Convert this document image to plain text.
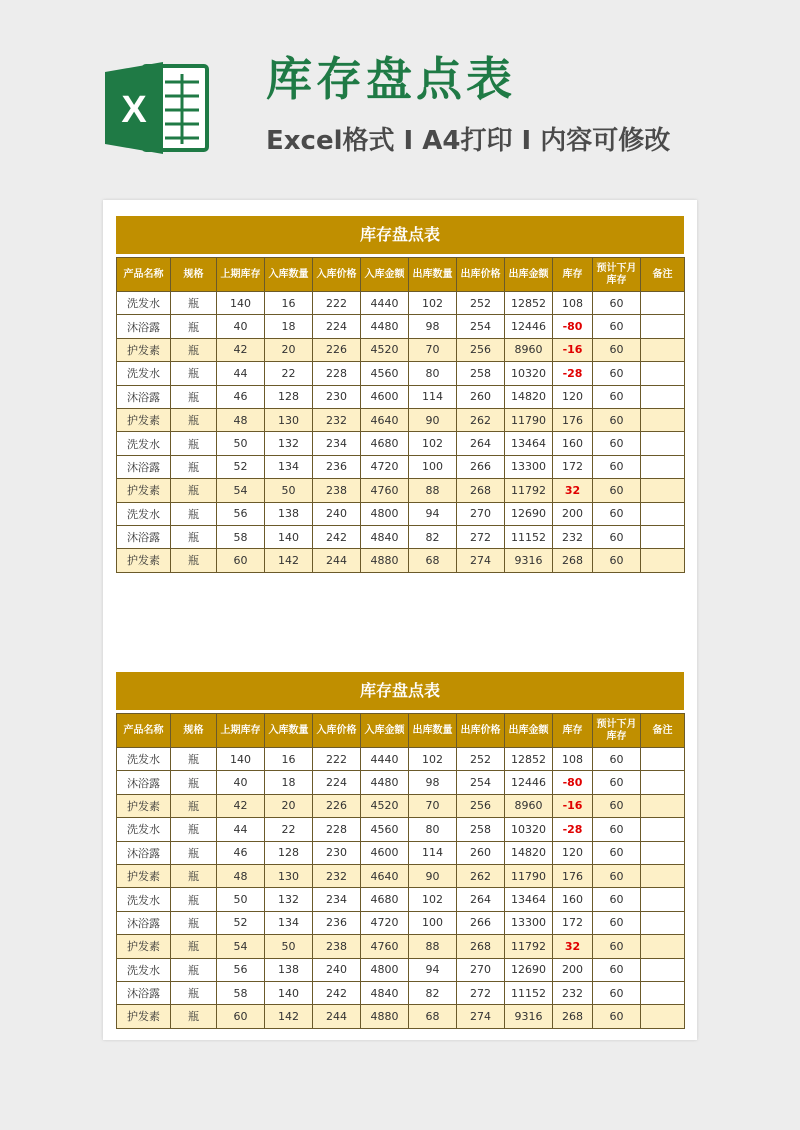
X
库存盘点表
Excel格式 I A4打印 I 内容可修改
库存盘点表
产品名称	规格	上期库存	入库数量	入库价格	入库金额	出库数量	出库价格	出库金额	库存	预计下月库存	备注
洗发水	瓶	140	16	222	4440	102	252	12852	108	60	
沐浴露	瓶	40	18	224	4480	98	254	12446	-80	60	
护发素	瓶	42	20	226	4520	70	256	8960	-16	60	
洗发水	瓶	44	22	228	4560	80	258	10320	-28	60	
沐浴露	瓶	46	128	230	4600	114	260	14820	120	60	
护发素	瓶	48	130	232	4640	90	262	11790	176	60	
洗发水	瓶	50	132	234	4680	102	264	13464	160	60	
沐浴露	瓶	52	134	236	4720	100	266	13300	172	60	
护发素	瓶	54	50	238	4760	88	268	11792	32	60	
洗发水	瓶	56	138	240	4800	94	270	12690	200	60	
沐浴露	瓶	58	140	242	4840	82	272	11152	232	60	
护发素	瓶	60	142	244	4880	68	274	9316	268	60	
库存盘点表
产品名称	规格	上期库存	入库数量	入库价格	入库金额	出库数量	出库价格	出库金额	库存	预计下月库存	备注
洗发水	瓶	140	16	222	4440	102	252	12852	108	60	
沐浴露	瓶	40	18	224	4480	98	254	12446	-80	60	
护发素	瓶	42	20	226	4520	70	256	8960	-16	60	
洗发水	瓶	44	22	228	4560	80	258	10320	-28	60	
沐浴露	瓶	46	128	230	4600	114	260	14820	120	60	
护发素	瓶	48	130	232	4640	90	262	11790	176	60	
洗发水	瓶	50	132	234	4680	102	264	13464	160	60	
沐浴露	瓶	52	134	236	4720	100	266	13300	172	60	
护发素	瓶	54	50	238	4760	88	268	11792	32	60	
洗发水	瓶	56	138	240	4800	94	270	12690	200	60	
沐浴露	瓶	58	140	242	4840	82	272	11152	232	60	
护发素	瓶	60	142	244	4880	68	274	9316	268	60	
